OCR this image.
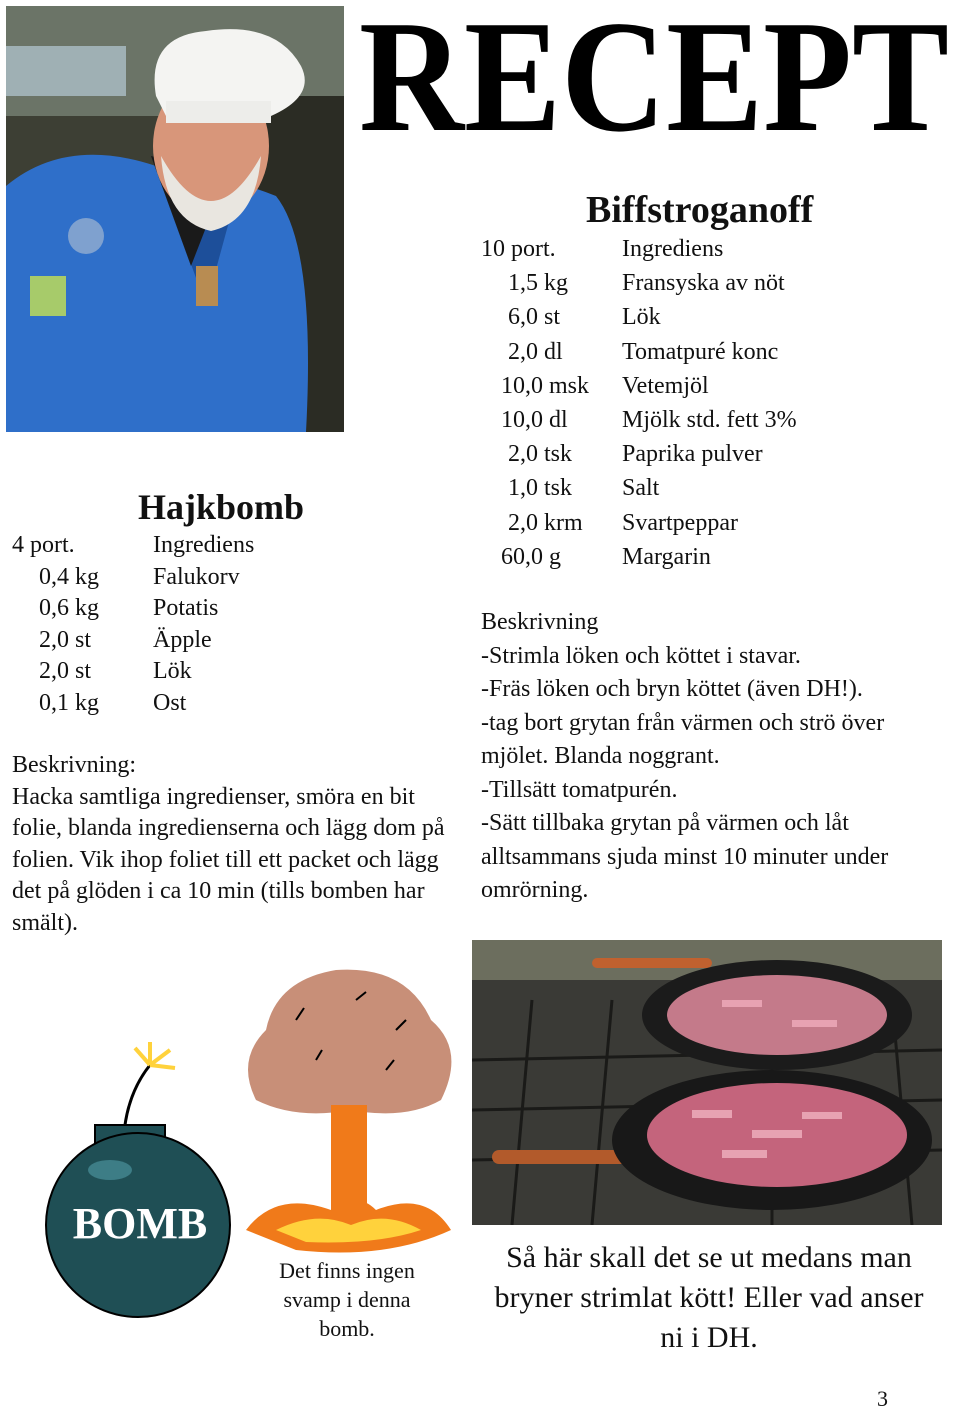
RECEPT
Hajkbomb
4 port.	Ingrediens
0,4 kg Falukorv
0,6 kg Potatis
2,0 st	Äpple
2,0 st	Lök
0,1 kg Ost

Beskrivning:

Hacka samtliga ingredienser, smöra en bit folie, blanda ingredienserna och lägg dom på folien. Vik ihop foliet till ett packet och lägg det på glöden i ca 10 min (tills bomben har smält).

Biffstroganoff
10 port.	Ingrediens
1,5 kg Fransyska av nöt
6,0 st	Lök
2,0 dl Tomatpuré konc
10,0 msk Vetemjöl
10,0 dl Mjölk std. fett 3%
2,0 tsk Paprika pulver
1,0 tsk Salt
2,0 krm Svartpeppar
60,0 g	Margarin

Beskrivning

-Strimla löken och köttet i stavar.

-Fräs löken och bryn köttet (även DH!).

-tag bort grytan från värmen och strö över mjölet. Blanda noggrant.

-Tillsätt tomatpurén.

-Sätt tillbaka grytan på värmen och låt alltsammans sjuda minst 10 minuter under omrörning.

BOMB
Det finns ingen svamp i denna bomb.
Så här skall det se ut medans man bryner strimlat kött! Eller vad anser ni i DH.
3
